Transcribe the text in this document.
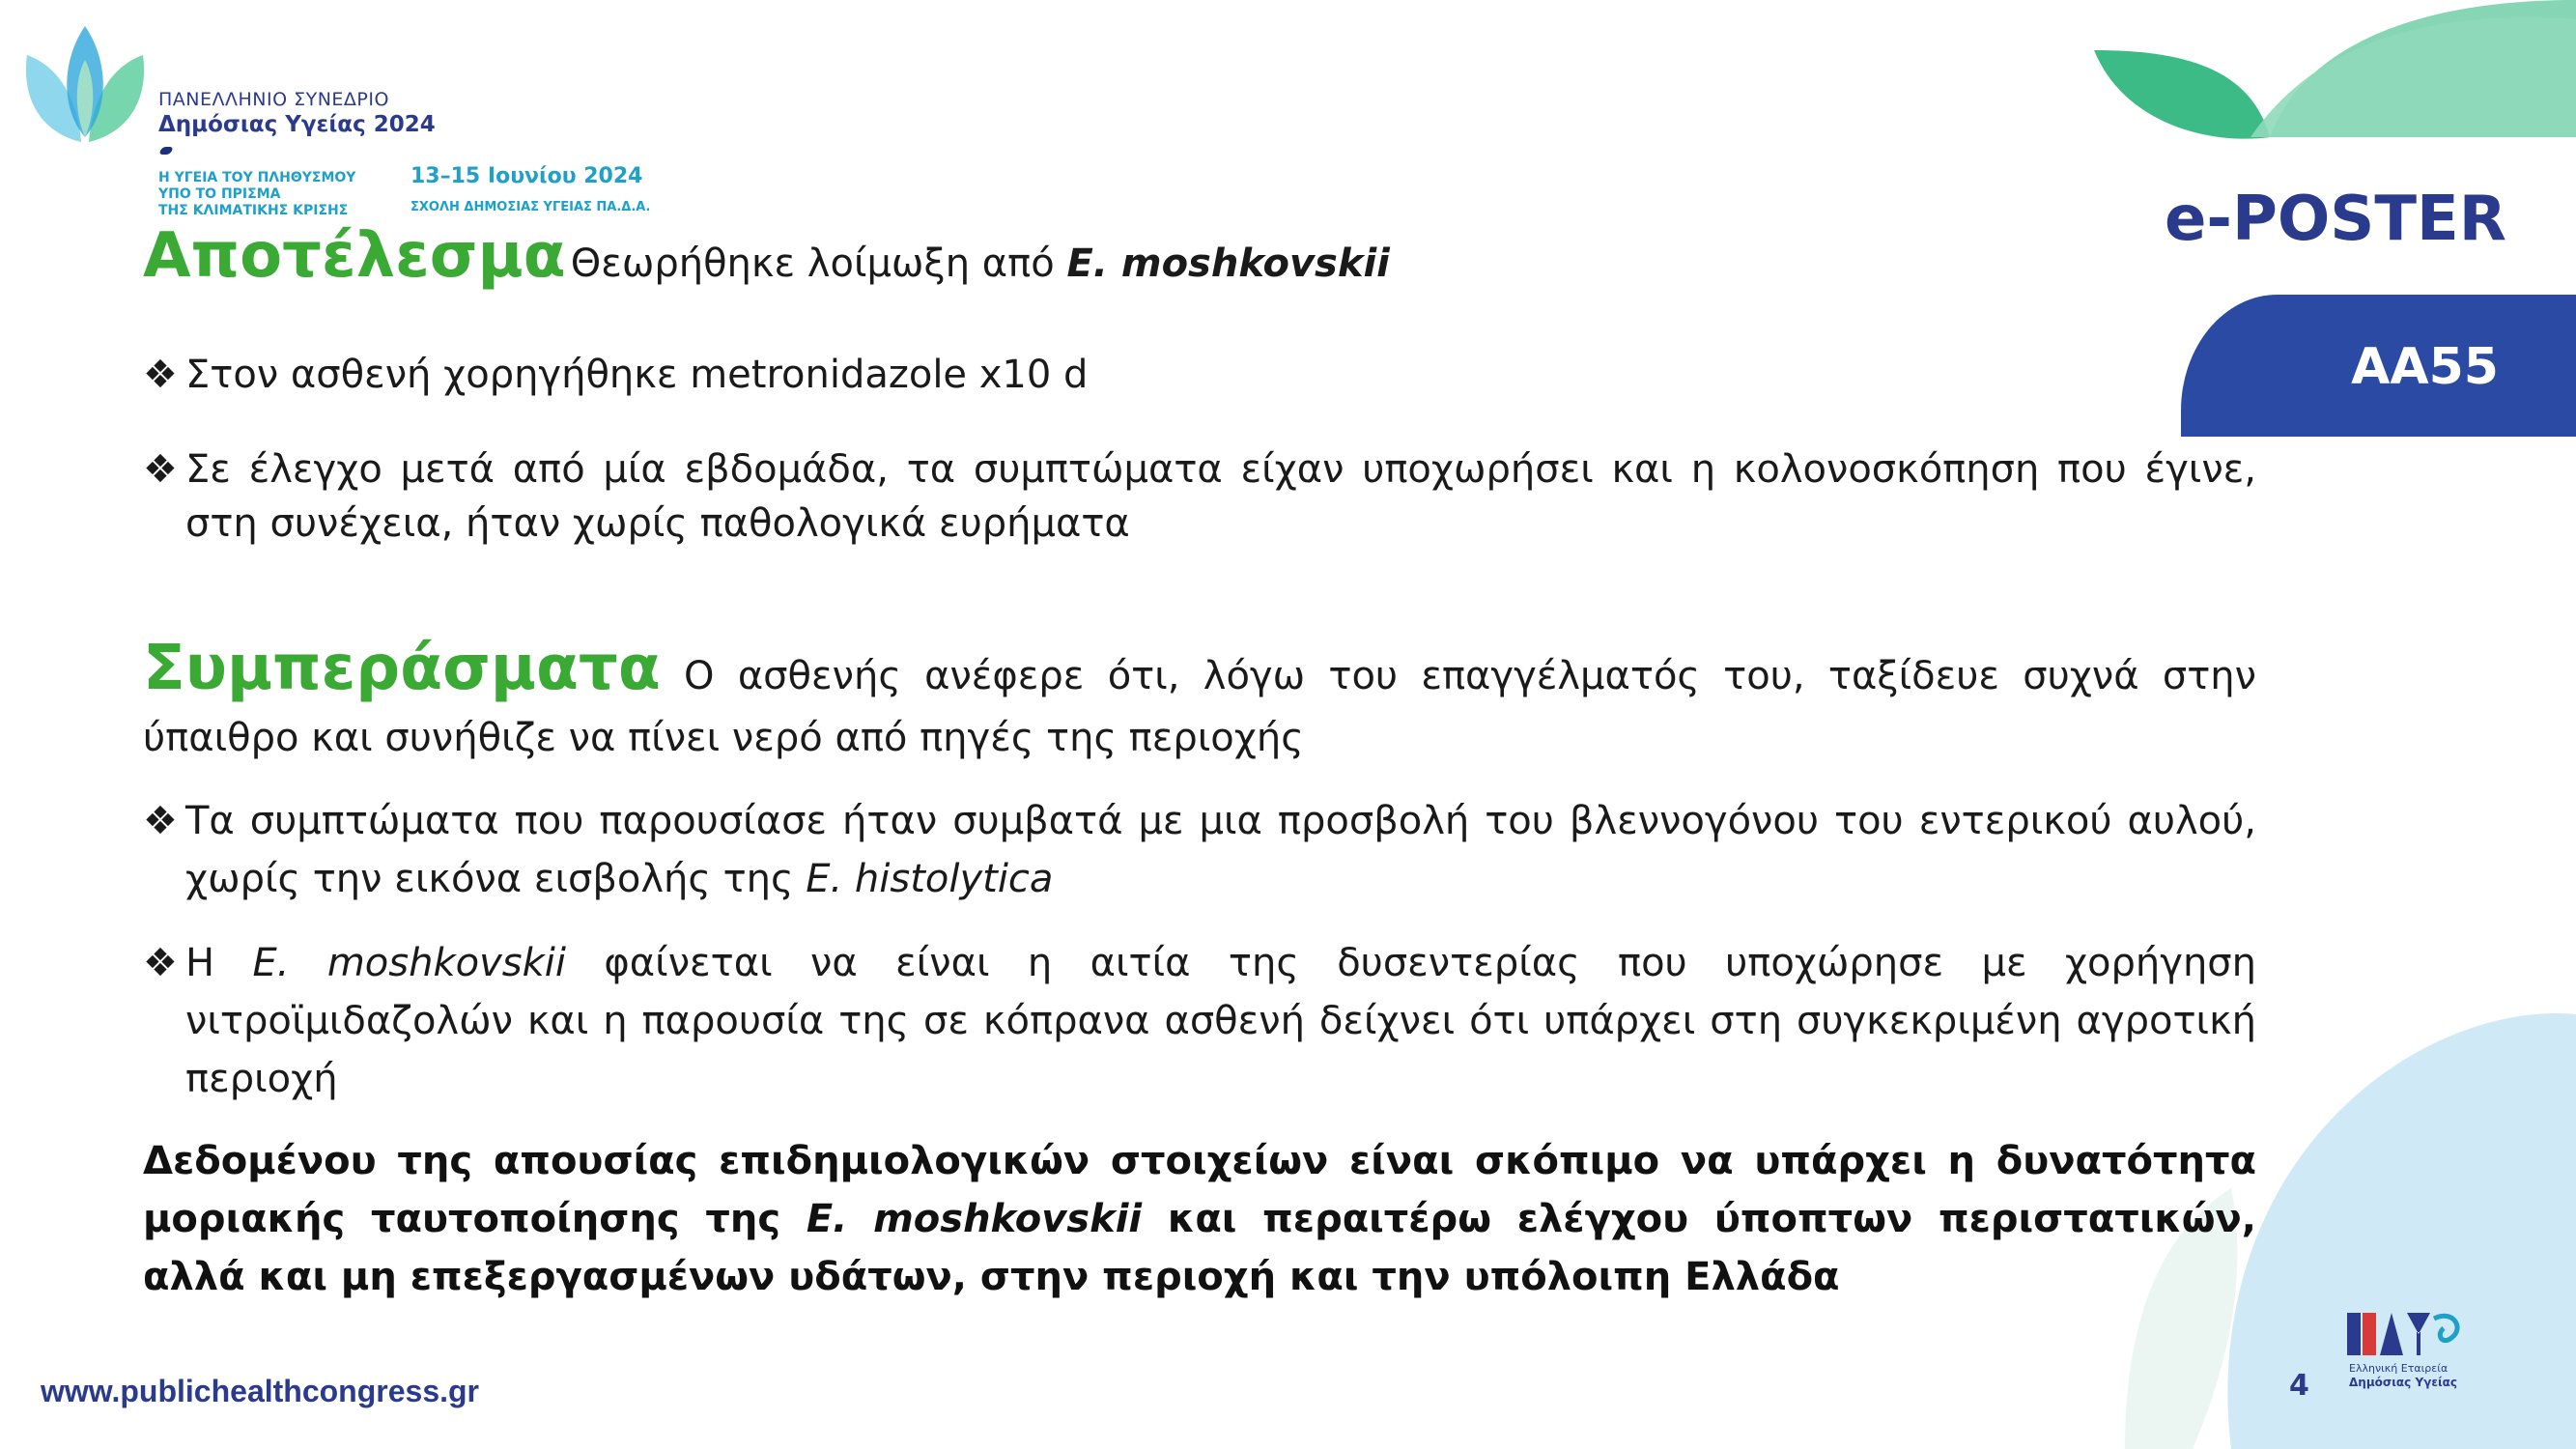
ΠΑΝΕΛΛΗΝΙΟ ΣΥΝΕΔΡΙΟ
Δημόσιας Υγείας 2024
Η ΥΓΕΙΑ ΤΟΥ ΠΛΗΘΥΣΜΟΥ
ΥΠΟ ΤΟ ΠΡΙΣΜΑ
ΤΗΣ ΚΛΙΜΑΤΙΚΗΣ ΚΡΙΣΗΣ
13–15 Ιουνίου 2024
ΣΧΟΛΗ ΔΗΜΟΣΙΑΣ ΥΓΕΙΑΣ ΠΑ.Δ.Α.	e-POSTER
AA55
Αποτέλεσμα Θεωρήθηκε λοίμωξη από E. moshkovskii
❖ Στον ασθενή χορηγήθηκε metronidazole x10 d
❖ Σε έλεγχο μετά από μία εβδομάδα, τα συμπτώματα είχαν υποχωρήσει και η κολονοσκόπηση που έγινε, στη συνέχεια, ήταν χωρίς παθολογικά ευρήματα
Συμπεράσματα Ο ασθενής ανέφερε ότι, λόγω του επαγγέλματός του, ταξίδευε συχνά στην ύπαιθρο και συνήθιζε να πίνει νερό από πηγές της περιοχής
❖ Τα συμπτώματα που παρουσίασε ήταν συμβατά με μια προσβολή του βλεννογόνου του εντερικού αυλού, χωρίς την εικόνα εισβολής της E. histolytica
❖ Η E. moshkovskii φαίνεται να είναι η αιτία της δυσεντερίας που υποχώρησε με χορήγηση νιτροϊμιδαζολών και η παρουσία της σε κόπρανα ασθενή δείχνει ότι υπάρχει στη συγκεκριμένη αγροτική περιοχή
Δεδομένου της απουσίας επιδημιολογικών στοιχείων είναι σκόπιμο να υπάρχει η δυνατότητα μοριακής ταυτοποίησης της E. moshkovskii και περαιτέρω ελέγχου ύποπτων περιστατικών, αλλά και μη επεξεργασμένων υδάτων, στην περιοχή και την υπόλοιπη Ελλάδα
www.publichealthcongress.gr	4
Ελληνική Εταιρεία
Δημόσιας Υγείας
